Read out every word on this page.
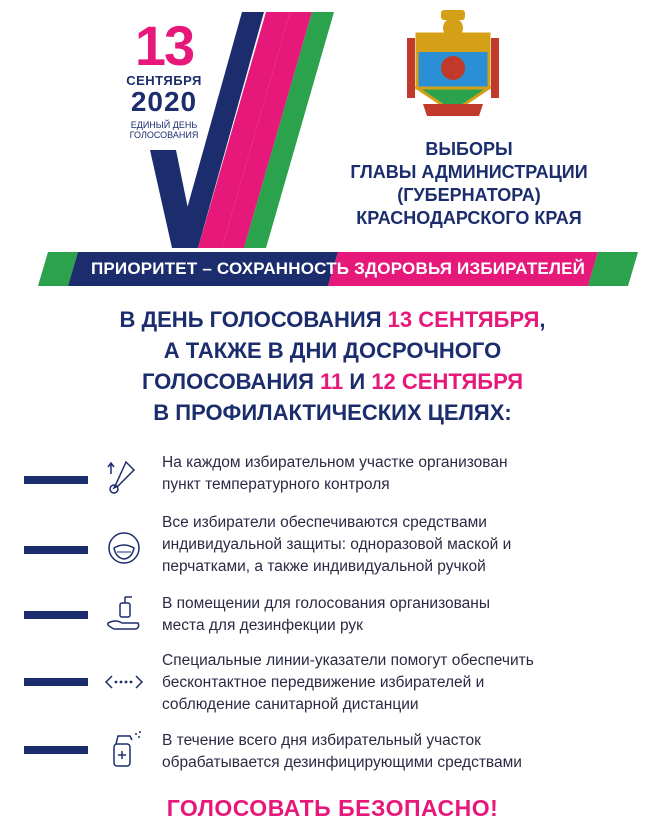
13
СЕНТЯБРЯ
2020
ЕДИНЫЙ ДЕНЬ
ГОЛОСОВАНИЯ
ВЫБОРЫ
ГЛАВЫ АДМИНИСТРАЦИИ
(ГУБЕРНАТОРА)
КРАСНОДАРСКОГО КРАЯ
ПРИОРИТЕТ – СОХРАННОСТЬ ЗДОРОВЬЯ ИЗБИРАТЕЛЕЙ
В ДЕНЬ ГОЛОСОВАНИЯ 13 СЕНТЯБРЯ,
А ТАКЖЕ В ДНИ ДОСРОЧНОГО
ГОЛОСОВАНИЯ 11 И 12 СЕНТЯБРЯ
В ПРОФИЛАКТИЧЕСКИХ ЦЕЛЯХ:
На каждом избирательном участке организован
пункт температурного контроля
Все избиратели обеспечиваются средствами
индивидуальной защиты: одноразовой маской и
перчатками, а также индивидуальной ручкой
В помещении для голосования организованы
места для дезинфекции рук
Специальные линии-указатели помогут обеспечить
бесконтактное передвижение избирателей и
соблюдение санитарной дистанции
В течение всего дня избирательный участок
обрабатывается дезинфицирующими средствами
ГОЛОСОВАТЬ БЕЗОПАСНО!
